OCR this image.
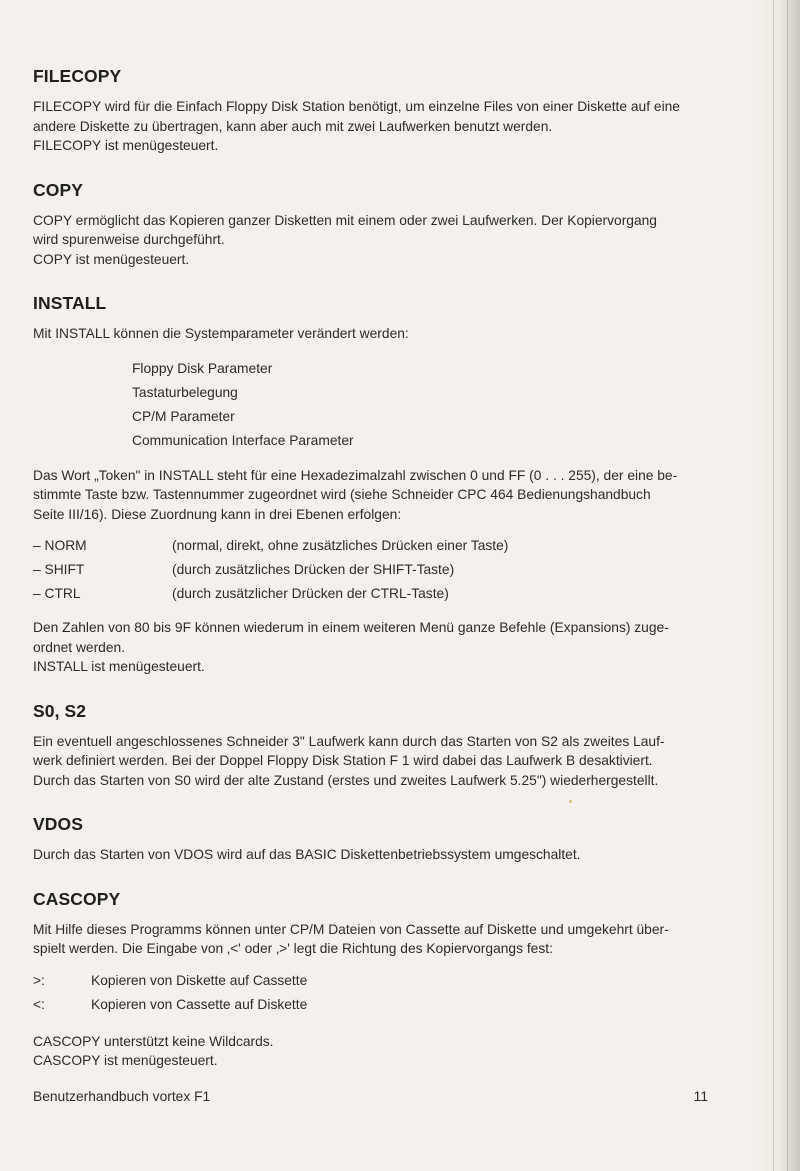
FILECOPY

FILECOPY wird für die Einfach Floppy Disk Station benötigt, um einzelne Files von einer Diskette auf eine

andere Diskette zu übertragen, kann aber auch mit zwei Laufwerken benutzt werden.

FILECOPY ist menügesteuert.

COPY

COPY ermöglicht das Kopieren ganzer Disketten mit einem oder zwei Laufwerken. Der Kopiervorgang

wird spurenweise durchgeführt.

COPY ist menügesteuert.

INSTALL

Mit INSTALL können die Systemparameter verändert werden:

Floppy Disk Parameter
Tastaturbelegung
CP/M Parameter
Communication Interface Parameter

Das Wort „Token" in INSTALL steht für eine Hexadezimalzahl zwischen 0 und FF (0 . . . 255), der eine be-

stimmte Taste bzw. Tastennummer zugeordnet wird (siehe Schneider CPC 464 Bedienungshandbuch

Seite III/16). Diese Zuordnung kann in drei Ebenen erfolgen:

– NORM	(normal, direkt, ohne zusätzliches Drücken einer Taste)
– SHIFT	(durch zusätzliches Drücken der SHIFT-Taste)
– CTRL	(durch zusätzlicher Drücken der CTRL-Taste)

Den Zahlen von 80 bis 9F können wiederum in einem weiteren Menü ganze Befehle (Expansions) zuge-

ordnet werden.

INSTALL ist menügesteuert.

S0, S2

Ein eventuell angeschlossenes Schneider 3" Laufwerk kann durch das Starten von S2 als zweites Lauf-

werk definiert werden. Bei der Doppel Floppy Disk Station F 1 wird dabei das Laufwerk B desaktiviert.

Durch das Starten von S0 wird der alte Zustand (erstes und zweites Laufwerk 5.25") wiederhergestellt.

VDOS

Durch das Starten von VDOS wird auf das BASIC Diskettenbetriebssystem umgeschaltet.

CASCOPY

Mit Hilfe dieses Programms können unter CP/M Dateien von Cassette auf Diskette und umgekehrt über-

spielt werden. Die Eingabe von ‚<' oder ‚>' legt die Richtung des Kopiervorgangs fest:

>:	Kopieren von Diskette auf Cassette
<:	Kopieren von Cassette auf Diskette

CASCOPY unterstützt keine Wildcards.

CASCOPY ist menügesteuert.

Benutzerhandbuch vortex F1	11
